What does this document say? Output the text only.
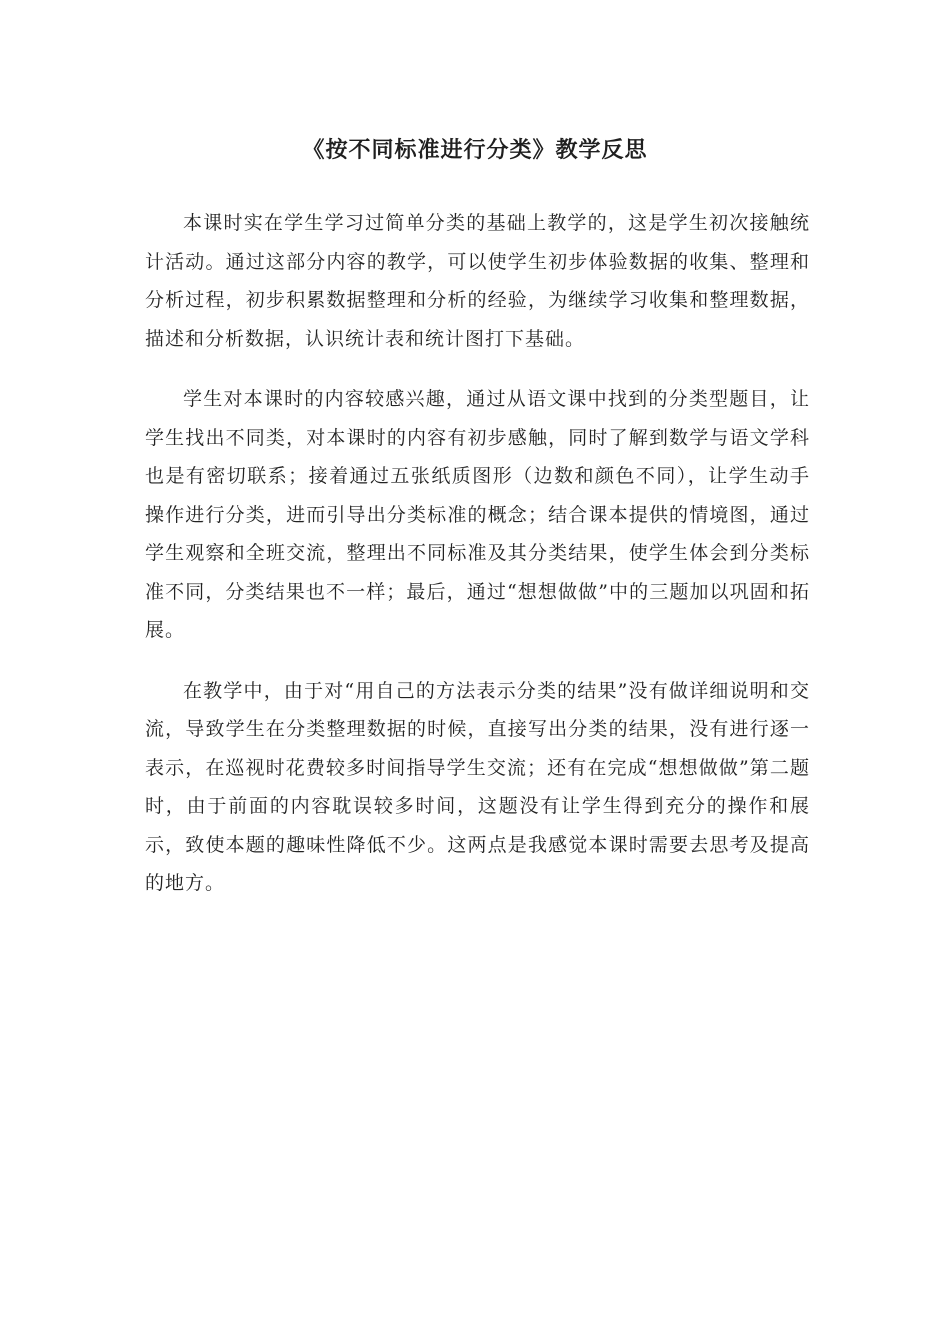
《按不同标准进行分类》教学反思

本课时实在学生学习过简单分类的基础上教学的，这是学生初次接触统计活动。通过这部分内容的教学，可以使学生初步体验数据的收集、整理和分析过程，初步积累数据整理和分析的经验，为继续学习收集和整理数据，描述和分析数据，认识统计表和统计图打下基础。

学生对本课时的内容较感兴趣，通过从语文课中找到的分类型题目，让学生找出不同类，对本课时的内容有初步感触，同时了解到数学与语文学科也是有密切联系；接着通过五张纸质图形（边数和颜色不同），让学生动手操作进行分类，进而引导出分类标准的概念；结合课本提供的情境图，通过学生观察和全班交流，整理出不同标准及其分类结果，使学生体会到分类标准不同，分类结果也不一样；最后，通过“想想做做”中的三题加以巩固和拓展。

在教学中，由于对“用自己的方法表示分类的结果”没有做详细说明和交流，导致学生在分类整理数据的时候，直接写出分类的结果，没有进行逐一表示，在巡视时花费较多时间指导学生交流；还有在完成“想想做做”第二题时，由于前面的内容耽误较多时间，这题没有让学生得到充分的操作和展示，致使本题的趣味性降低不少。这两点是我感觉本课时需要去思考及提高的地方。
